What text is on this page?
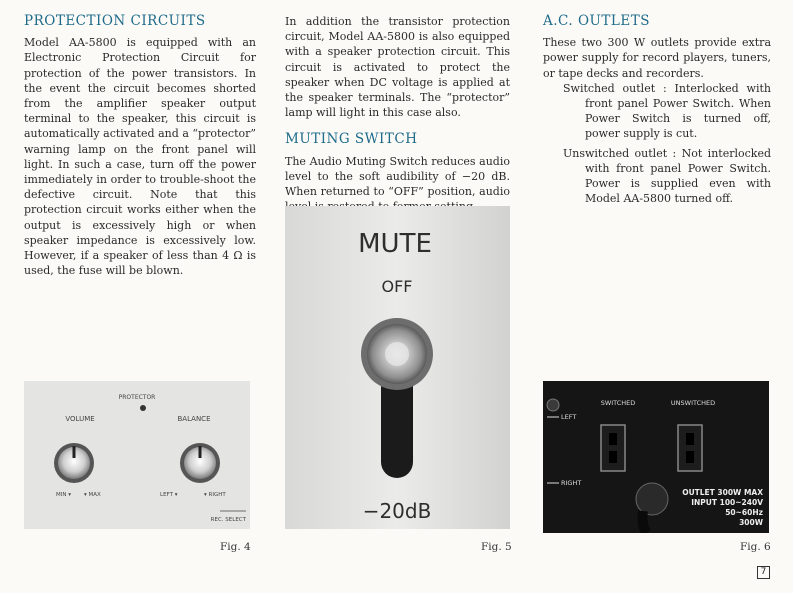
PROTECTION CIRCUITS

Model AA-5800 is equipped with an Electronic Protection Circuit for protection of the power transistors. In the event the circuit becomes shorted from the amplifier speaker output terminal to the speaker, this circuit is automatically activated and a “protector” warning lamp on the front panel will light. In such a case, turn off the power immediately in order to trouble-shoot the defective circuit. Note that this protection circuit works either when the output is excessively high or when speaker impedance is excessively low. However, if a speaker of less than 4 Ω is used, the fuse will be blown.

In addition the transistor protection circuit, Model AA-5800 is also equipped with a speaker protection circuit. This circuit is activated to protect the speaker when DC voltage is applied at the speaker terminals. The “protector” lamp will light in this case also.

MUTING SWITCH

The Audio Muting Switch reduces audio level to the soft audibility of −20 dB. When returned to “OFF” position, audio

A.C. OUTLETS

These two 300 W outlets provide extra power supply for record players, tuners, or tape decks and recorders.

Switched outlet : Interlocked with front panel Power Switch. When Power Switch is turned off, power supply is cut.

Unswitched outlet : Not interlocked with front panel Power Switch. Power is supplied even with Model AA-5800 turned off.

PROTECTOR
VOLUME	BALANCE
MIN ▾ ▾ MAX	LEFT ▾	▾ RIGHT
REC. SELECT
Fig. 4
MUTE
OFF
−20dB
Fig. 5
LEFT
RIGHT
SWITCHED	UNSWITCHED
OUTLET 300W MAX
INPUT 100~240V
50~60Hz
300W
Fig. 6
7
